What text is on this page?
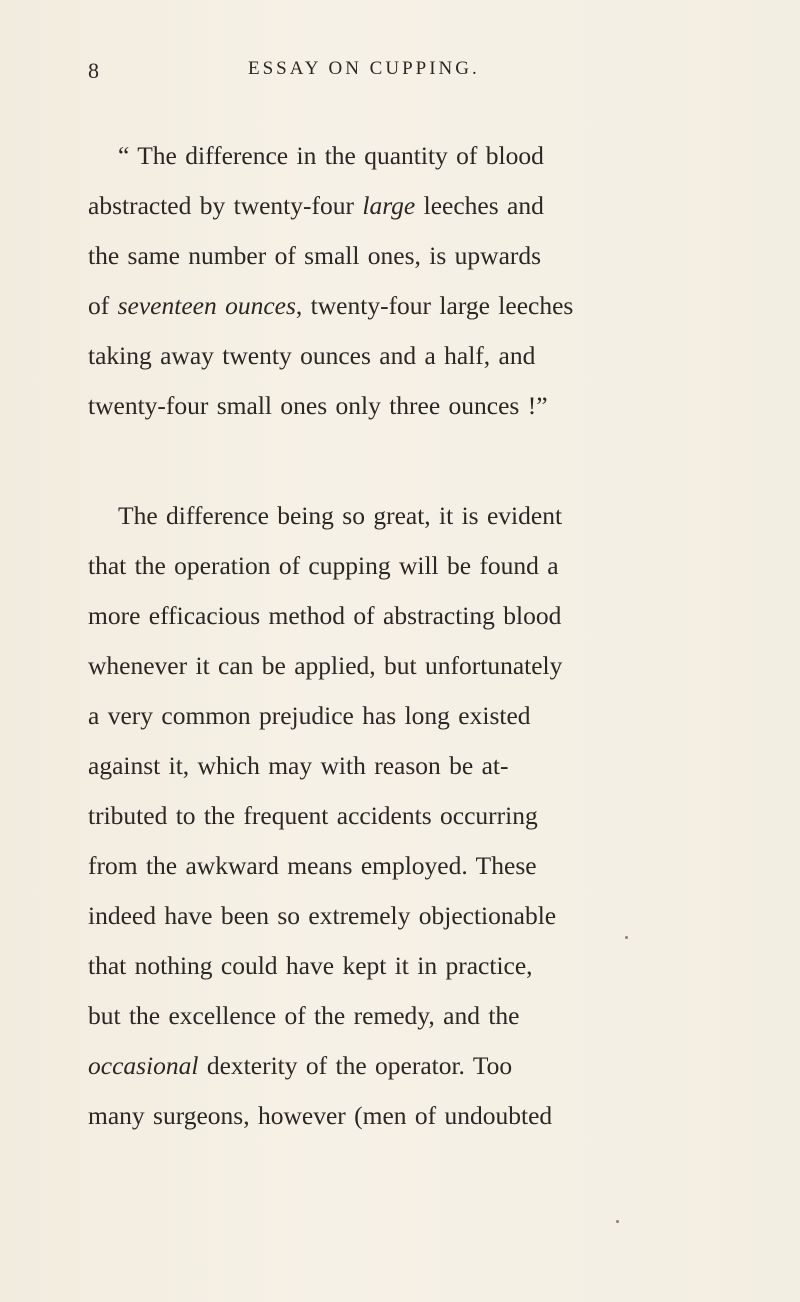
8	ESSAY ON CUPPING.
“ The difference in the quantity of blood
abstracted by twenty-four large leeches and
the same number of small ones, is upwards
of seventeen ounces, twenty-four large leeches
taking away twenty ounces and a half, and
twenty-four small ones only three ounces !”
The difference being so great, it is evident
that the operation of cupping will be found a
more efficacious method of abstracting blood
whenever it can be applied, but unfortunately
a very common prejudice has long existed
against it, which may with reason be at-
tributed to the frequent accidents occurring
from the awkward means employed. These
indeed have been so extremely objectionable
that nothing could have kept it in practice,
but the excellence of the remedy, and the
occasional dexterity of the operator. Too
many surgeons, however (men of undoubted
